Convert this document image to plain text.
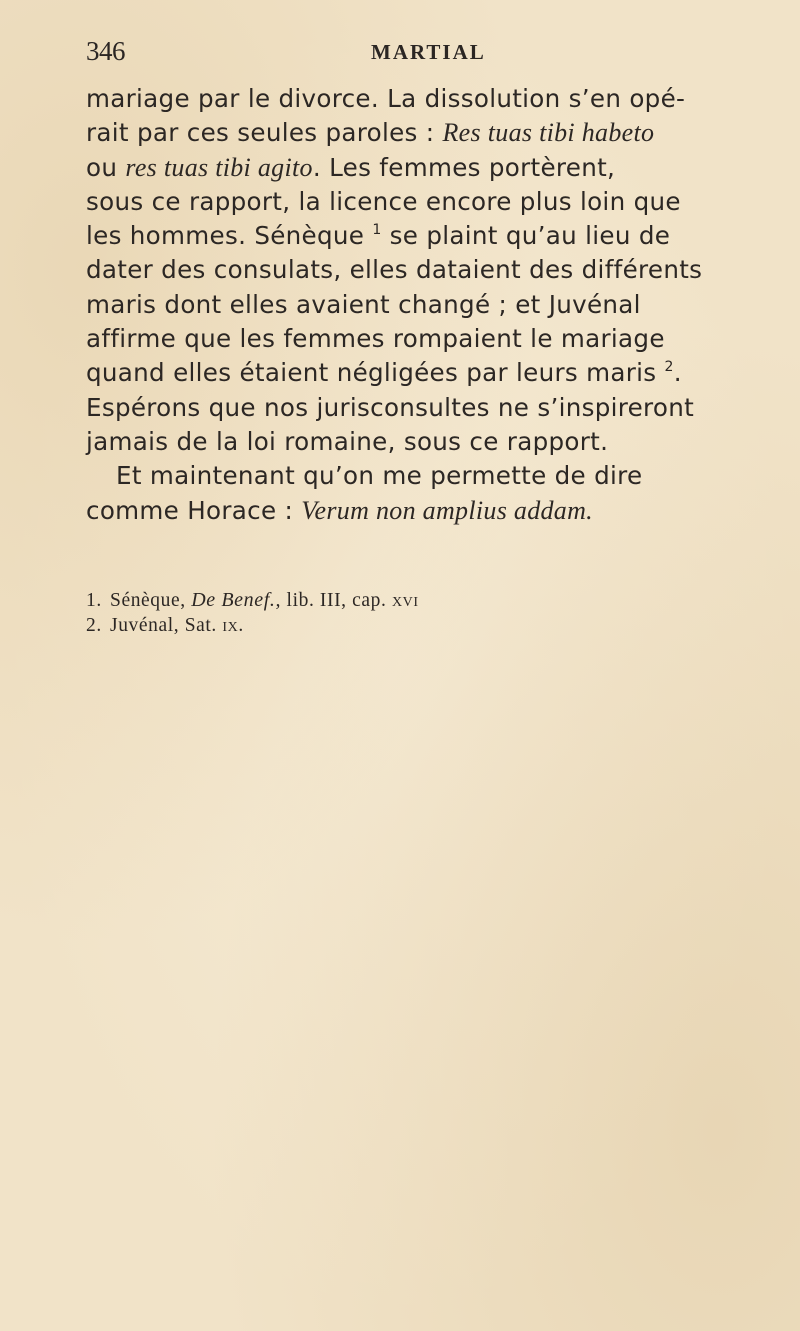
346	MARTIAL
mariage par le divorce. La dissolution s’en opé-
rait par ces seules paroles : Res tuas tibi habeto
ou res tuas tibi agito. Les femmes portèrent,
sous ce rapport, la licence encore plus loin que
les hommes. Sénèque $^1$ se plaint qu’au lieu de
dater des consulats, elles dataient des différents
maris dont elles avaient changé ; et Juvénal
affirme que les femmes rompaient le mariage
quand elles étaient négligées par leurs maris $^2$.
Espérons que nos jurisconsultes ne s’inspireront
jamais de la loi romaine, sous ce rapport.
Et maintenant qu’on me permette de dire
comme Horace : Verum non amplius addam.
1. Sénèque, De Benef., lib. III, cap. xvi
2. Juvénal, Sat. ix.
